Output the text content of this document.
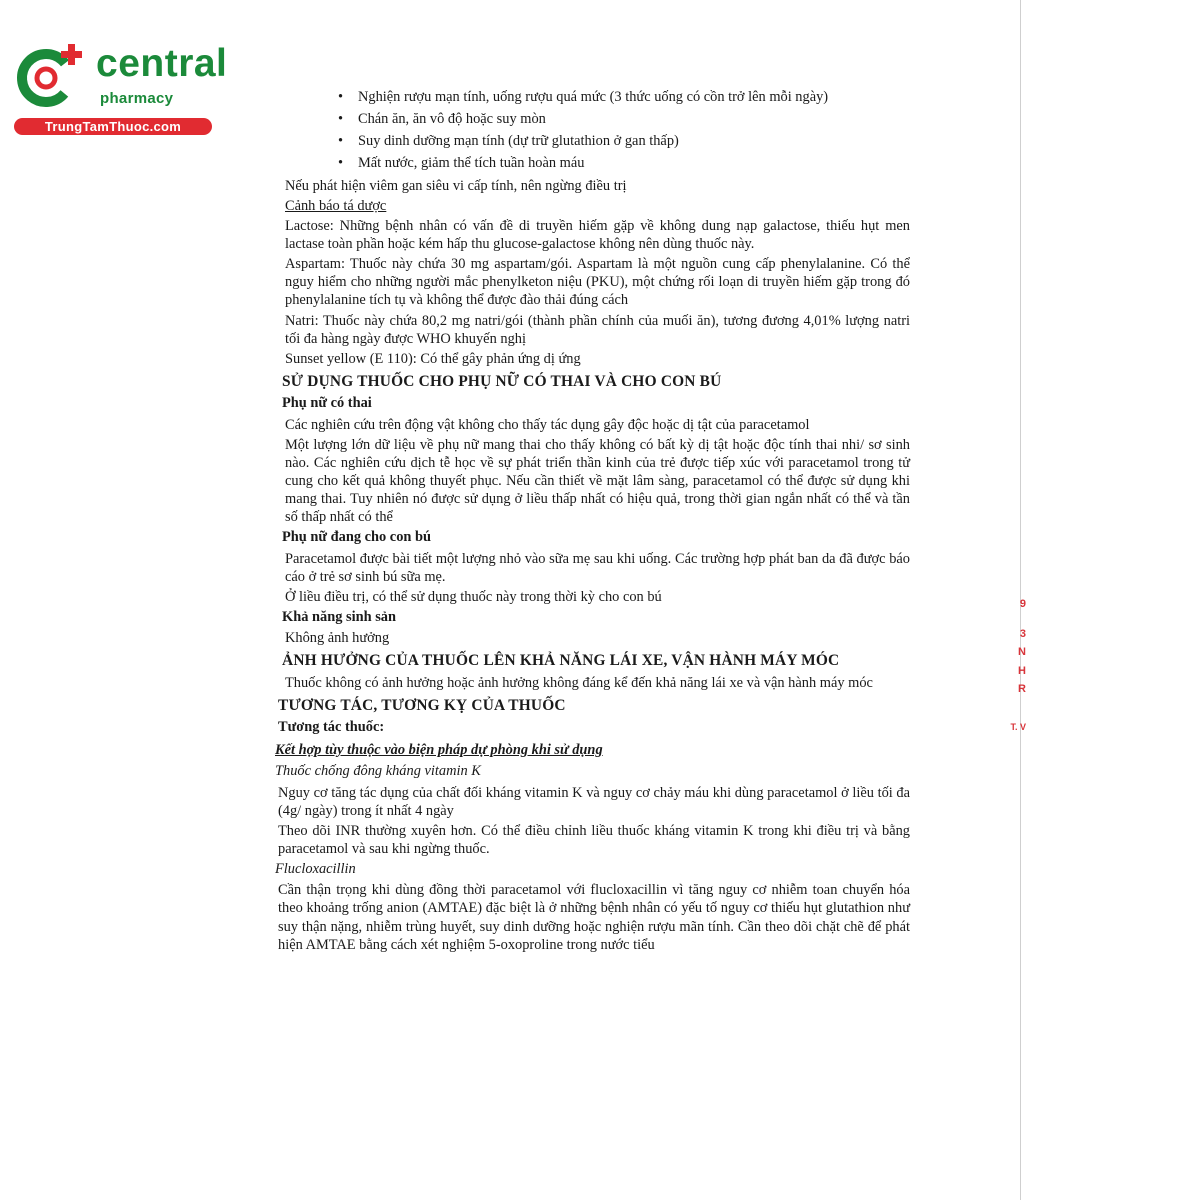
central
pharmacy
TrungTamThuoc.com
9
3
N
H
R
T. V
• Nghiện rượu mạn tính, uống rượu quá mức (3 thức uống có cồn trở lên mỗi ngày)
• Chán ăn, ăn vô độ hoặc suy mòn
• Suy dinh dưỡng mạn tính (dự trữ glutathion ở gan thấp)
• Mất nước, giảm thể tích tuần hoàn máu

Nếu phát hiện viêm gan siêu vi cấp tính, nên ngừng điều trị

Cảnh báo tá dược

Lactose: Những bệnh nhân có vấn đề di truyền hiếm gặp về không dung nạp galactose, thiếu hụt men lactase toàn phần hoặc kém hấp thu glucose-galactose không nên dùng thuốc này.

Aspartam: Thuốc này chứa 30 mg aspartam/gói. Aspartam là một nguồn cung cấp phenylalanine. Có thể nguy hiểm cho những người mắc phenylketon niệu (PKU), một chứng rối loạn di truyền hiếm gặp trong đó phenylalanine tích tụ và không thể được đào thải đúng cách

Natri: Thuốc này chứa 80,2 mg natri/gói (thành phần chính của muối ăn), tương đương 4,01% lượng natri tối đa hàng ngày được WHO khuyến nghị

Sunset yellow (E 110): Có thể gây phản ứng dị ứng

SỬ DỤNG THUỐC CHO PHỤ NỮ CÓ THAI VÀ CHO CON BÚ
Phụ nữ có thai

Các nghiên cứu trên động vật không cho thấy tác dụng gây độc hoặc dị tật của paracetamol

Một lượng lớn dữ liệu về phụ nữ mang thai cho thấy không có bất kỳ dị tật hoặc độc tính thai nhi/ sơ sinh nào. Các nghiên cứu dịch tễ học về sự phát triển thần kinh của trẻ được tiếp xúc với paracetamol trong tử cung cho kết quả không thuyết phục. Nếu cần thiết về mặt lâm sàng, paracetamol có thể được sử dụng khi mang thai. Tuy nhiên nó được sử dụng ở liều thấp nhất có hiệu quả, trong thời gian ngắn nhất có thể và tần số thấp nhất có thể

Phụ nữ đang cho con bú

Paracetamol được bài tiết một lượng nhỏ vào sữa mẹ sau khi uống. Các trường hợp phát ban da đã được báo cáo ở trẻ sơ sinh bú sữa mẹ.

Ở liều điều trị, có thể sử dụng thuốc này trong thời kỳ cho con bú

Khả năng sinh sản

Không ảnh hưởng

ẢNH HƯỞNG CỦA THUỐC LÊN KHẢ NĂNG LÁI XE, VẬN HÀNH MÁY MÓC

Thuốc không có ảnh hưởng hoặc ảnh hưởng không đáng kể đến khả năng lái xe và vận hành máy móc

TƯƠNG TÁC, TƯƠNG KỴ CỦA THUỐC
Tương tác thuốc:
Kết hợp tùy thuộc vào biện pháp dự phòng khi sử dụng
Thuốc chống đông kháng vitamin K

Nguy cơ tăng tác dụng của chất đối kháng vitamin K và nguy cơ chảy máu khi dùng paracetamol ở liều tối đa (4g/ ngày) trong ít nhất 4 ngày

Theo dõi INR thường xuyên hơn. Có thể điều chỉnh liều thuốc kháng vitamin K trong khi điều trị và bằng paracetamol và sau khi ngừng thuốc.

Flucloxacillin

Cần thận trọng khi dùng đồng thời paracetamol với flucloxacillin vì tăng nguy cơ nhiễm toan chuyển hóa theo khoảng trống anion (AMTAE) đặc biệt là ở những bệnh nhân có yếu tố nguy cơ thiếu hụt glutathion như suy thận nặng, nhiễm trùng huyết, suy dinh dưỡng hoặc nghiện rượu mãn tính. Cần theo dõi chặt chẽ để phát hiện AMTAE bằng cách xét nghiệm 5-oxoproline trong nước tiểu
